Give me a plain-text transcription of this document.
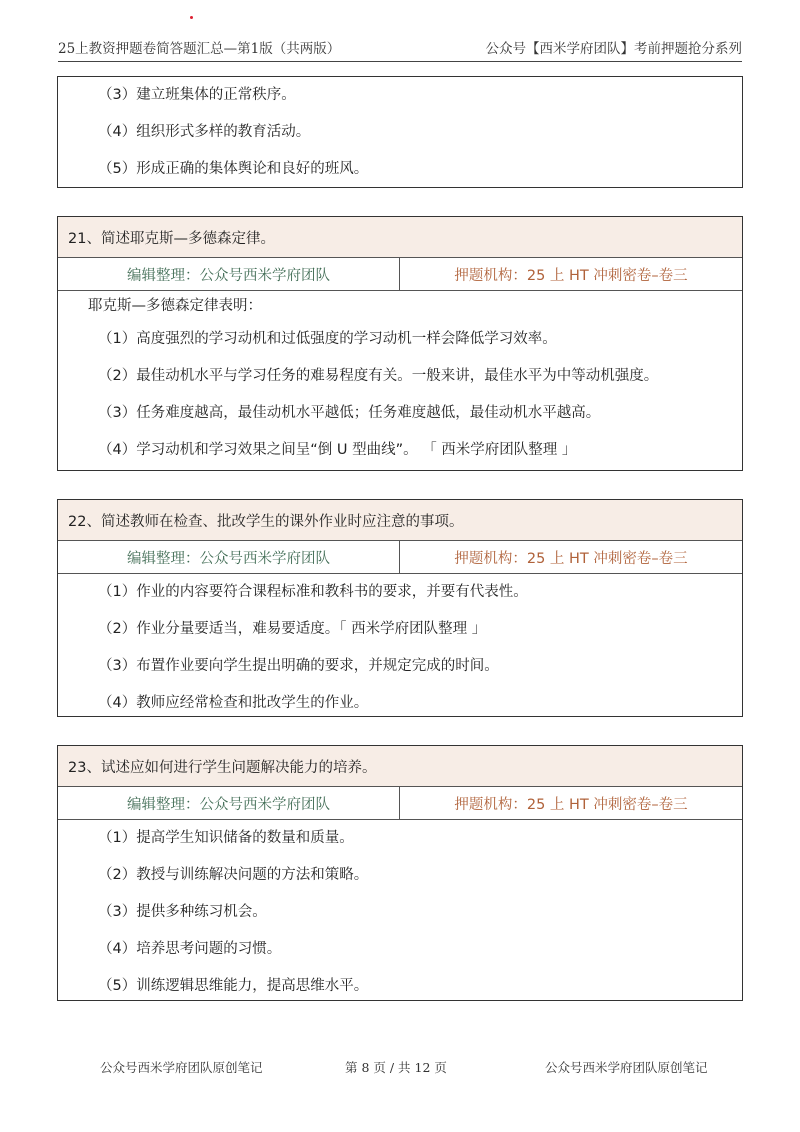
25上教资押题卷简答题汇总—第1版（共两版）	公众号【西米学府团队】考前押题抢分系列
（3）建立班集体的正常秩序。
（4）组织形式多样的教育活动。
（5）形成正确的集体舆论和良好的班风。
21、简述耶克斯—多德森定律。
编辑整理：公众号西米学府团队	押题机构：25 上 HT 冲刺密卷–卷三
耶克斯—多德森定律表明：
（1）高度强烈的学习动机和过低强度的学习动机一样会降低学习效率。
（2）最佳动机水平与学习任务的难易程度有关。一般来讲，最佳水平为中等动机强度。
（3）任务难度越高，最佳动机水平越低；任务难度越低，最佳动机水平越高。
（4）学习动机和学习效果之间呈“倒 U 型曲线”。 「 西米学府团队整理 」
22、简述教师在检查、批改学生的课外作业时应注意的事项。
编辑整理：公众号西米学府团队	押题机构：25 上 HT 冲刺密卷–卷三
（1）作业的内容要符合课程标准和教科书的要求，并要有代表性。
（2）作业分量要适当，难易要适度。「 西米学府团队整理 」
（3）布置作业要向学生提出明确的要求，并规定完成的时间。
（4）教师应经常检查和批改学生的作业。
23、试述应如何进行学生问题解决能力的培养。
编辑整理：公众号西米学府团队	押题机构：25 上 HT 冲刺密卷–卷三
（1）提高学生知识储备的数量和质量。
（2）教授与训练解决问题的方法和策略。
（3）提供多种练习机会。
（4）培养思考问题的习惯。
（5）训练逻辑思维能力，提高思维水平。
公众号西米学府团队原创笔记	第 8 页 / 共 12 页	公众号西米学府团队原创笔记
